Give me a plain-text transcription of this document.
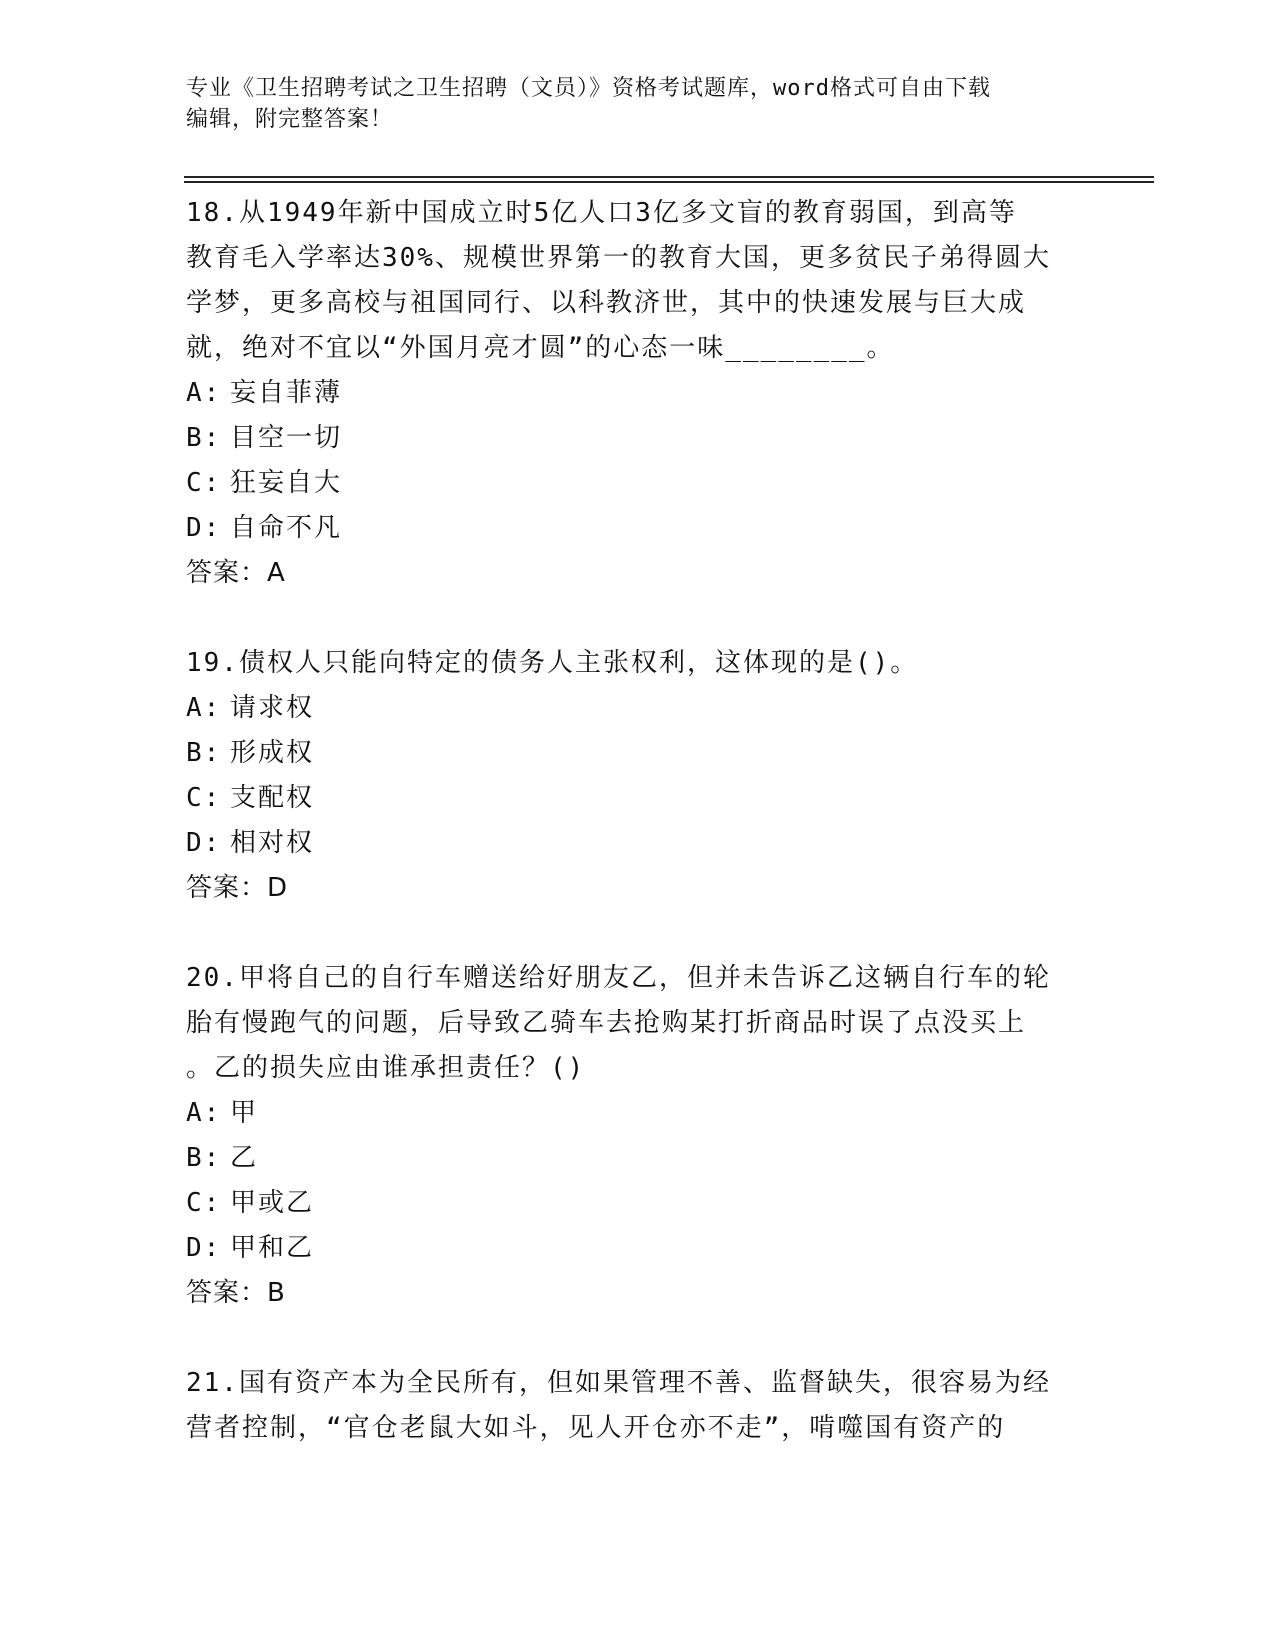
专业《卫生招聘考试之卫生招聘（文员）》资格考试题库，word格式可自由下载
编辑，附完整答案！
18.从1949年新中国成立时5亿人口3亿多文盲的教育弱国，到高等
教育毛入学率达30%、规模世界第一的教育大国，更多贫民子弟得圆大
学梦，更多高校与祖国同行、以科教济世，其中的快速发展与巨大成
就，绝对不宜以“外国月亮才圆”的心态一味________。
A: 妄自菲薄
B: 目空一切
C: 狂妄自大
D: 自命不凡
答案：A
19.债权人只能向特定的债务人主张权利，这体现的是()。
A: 请求权
B: 形成权
C: 支配权
D: 相对权
答案：D
20.甲将自己的自行车赠送给好朋友乙，但并未告诉乙这辆自行车的轮
胎有慢跑气的问题，后导致乙骑车去抢购某打折商品时误了点没买上
。乙的损失应由谁承担责任？()
A: 甲
B: 乙
C: 甲或乙
D: 甲和乙
答案：B
21.国有资产本为全民所有，但如果管理不善、监督缺失，很容易为经
营者控制，“官仓老鼠大如斗，见人开仓亦不走”，啃噬国有资产的
